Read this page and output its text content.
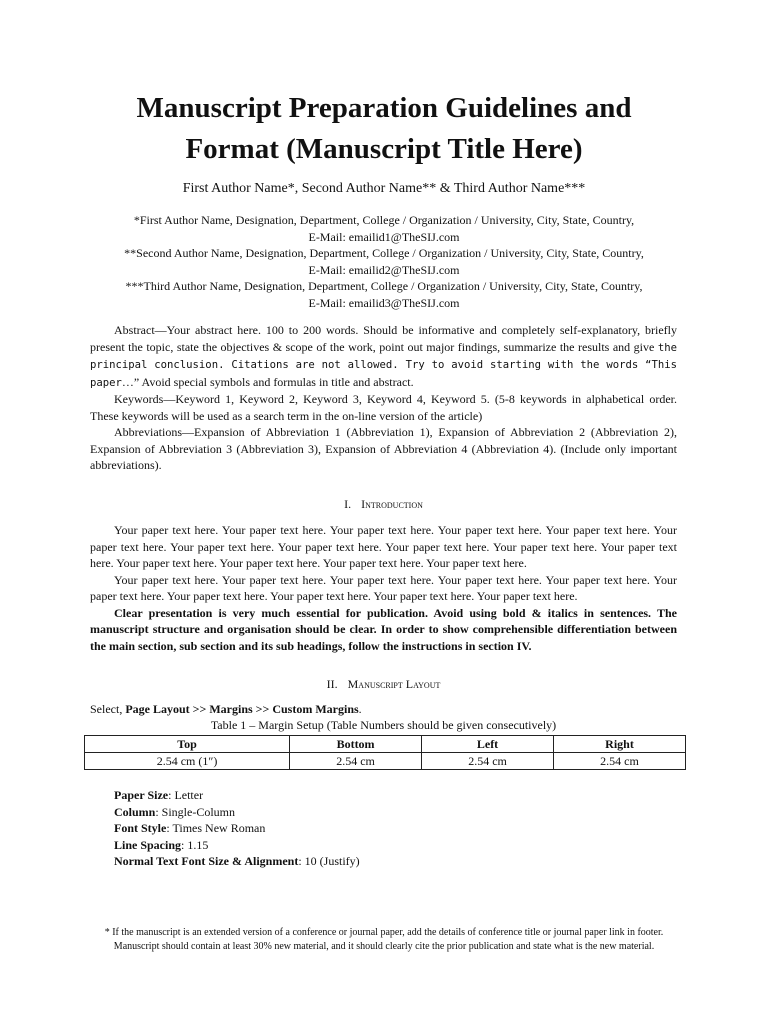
Manuscript Preparation Guidelines and
Format (Manuscript Title Here)
First Author Name*, Second Author Name** & Third Author Name***
*First Author Name, Designation, Department, College / Organization / University, City, State, Country,
E-Mail: emailid1@TheSIJ.com
**Second Author Name, Designation, Department, College / Organization / University, City, State, Country,
E-Mail: emailid2@TheSIJ.com
***Third Author Name, Designation, Department, College / Organization / University, City, State, Country,
E-Mail: emailid3@TheSIJ.com

Abstract—Your abstract here. 100 to 200 words. Should be informative and completely self-explanatory, briefly present the topic, state the objectives & scope of the work, point out major findings, summarize the results and give the principal conclusion. Citations are not allowed. Try to avoid starting with the words “This paper…” Avoid special symbols and formulas in title and abstract.

Keywords—Keyword 1, Keyword 2, Keyword 3, Keyword 4, Keyword 5. (5-8 keywords in alphabetical order. These keywords will be used as a search term in the on-line version of the article)

Abbreviations—Expansion of Abbreviation 1 (Abbreviation 1), Expansion of Abbreviation 2 (Abbreviation 2), Expansion of Abbreviation 3 (Abbreviation 3), Expansion of Abbreviation 4 (Abbreviation 4). (Include only important abbreviations).

I. Introduction

Your paper text here. Your paper text here. Your paper text here. Your paper text here. Your paper text here. Your paper text here. Your paper text here. Your paper text here. Your paper text here. Your paper text here. Your paper text here. Your paper text here. Your paper text here. Your paper text here. Your paper text here.

Your paper text here. Your paper text here. Your paper text here. Your paper text here. Your paper text here. Your paper text here. Your paper text here. Your paper text here. Your paper text here. Your paper text here.

Clear presentation is very much essential for publication. Avoid using bold & italics in sentences. The manuscript structure and organisation should be clear. In order to show comprehensible differentiation between the main section, sub section and its sub headings, follow the instructions in section IV.

II. Manuscript Layout
Select, Page Layout >> Margins >> Custom Margins.
Table 1 – Margin Setup (Table Numbers should be given consecutively)
Top	Bottom	Left	Right
2.54 cm (1″)	2.54 cm	2.54 cm	2.54 cm
Paper Size: Letter
Column: Single-Column
Font Style: Times New Roman
Line Spacing: 1.15
Normal Text Font Size & Alignment: 10 (Justify)
* If the manuscript is an extended version of a conference or journal paper, add the details of conference title or journal paper link in footer. Manuscript should contain at least 30% new material, and it should clearly cite the prior publication and state what is the new material.
